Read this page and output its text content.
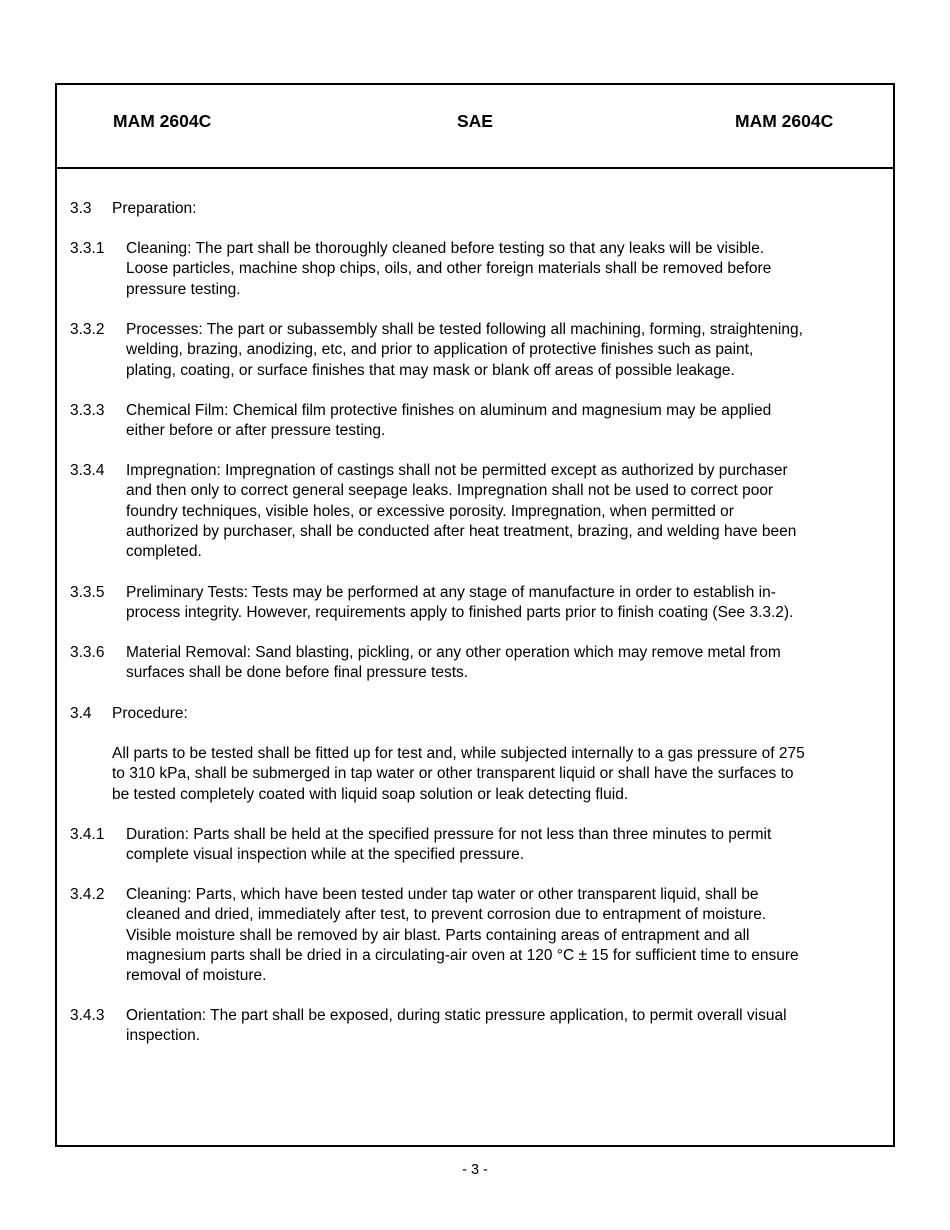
MAM 2604C	SAE	MAM 2604C
3.3 Preparation:
3.3.1 Cleaning: The part shall be thoroughly cleaned before testing so that any leaks will be visible.
Loose particles, machine shop chips, oils, and other foreign materials shall be removed before
pressure testing.
3.3.2 Processes: The part or subassembly shall be tested following all machining, forming, straightening,
welding, brazing, anodizing, etc, and prior to application of protective finishes such as paint,
plating, coating, or surface finishes that may mask or blank off areas of possible leakage.
3.3.3 Chemical Film: Chemical film protective finishes on aluminum and magnesium may be applied
either before or after pressure testing.
3.3.4 Impregnation: Impregnation of castings shall not be permitted except as authorized by purchaser
and then only to correct general seepage leaks. Impregnation shall not be used to correct poor
foundry techniques, visible holes, or excessive porosity. Impregnation, when permitted or
authorized by purchaser, shall be conducted after heat treatment, brazing, and welding have been
completed.
3.3.5 Preliminary Tests: Tests may be performed at any stage of manufacture in order to establish in-
process integrity. However, requirements apply to finished parts prior to finish coating (See 3.3.2).
3.3.6 Material Removal: Sand blasting, pickling, or any other operation which may remove metal from
surfaces shall be done before final pressure tests.
3.4 Procedure:
All parts to be tested shall be fitted up for test and, while subjected internally to a gas pressure of 275
to 310 kPa, shall be submerged in tap water or other transparent liquid or shall have the surfaces to
be tested completely coated with liquid soap solution or leak detecting fluid.
3.4.1 Duration: Parts shall be held at the specified pressure for not less than three minutes to permit
complete visual inspection while at the specified pressure.
3.4.2 Cleaning: Parts, which have been tested under tap water or other transparent liquid, shall be
cleaned and dried, immediately after test, to prevent corrosion due to entrapment of moisture.
Visible moisture shall be removed by air blast. Parts containing areas of entrapment and all
magnesium parts shall be dried in a circulating-air oven at 120 °C ± 15 for sufficient time to ensure
removal of moisture.
3.4.3 Orientation: The part shall be exposed, during static pressure application, to permit overall visual
inspection.
- 3 -
